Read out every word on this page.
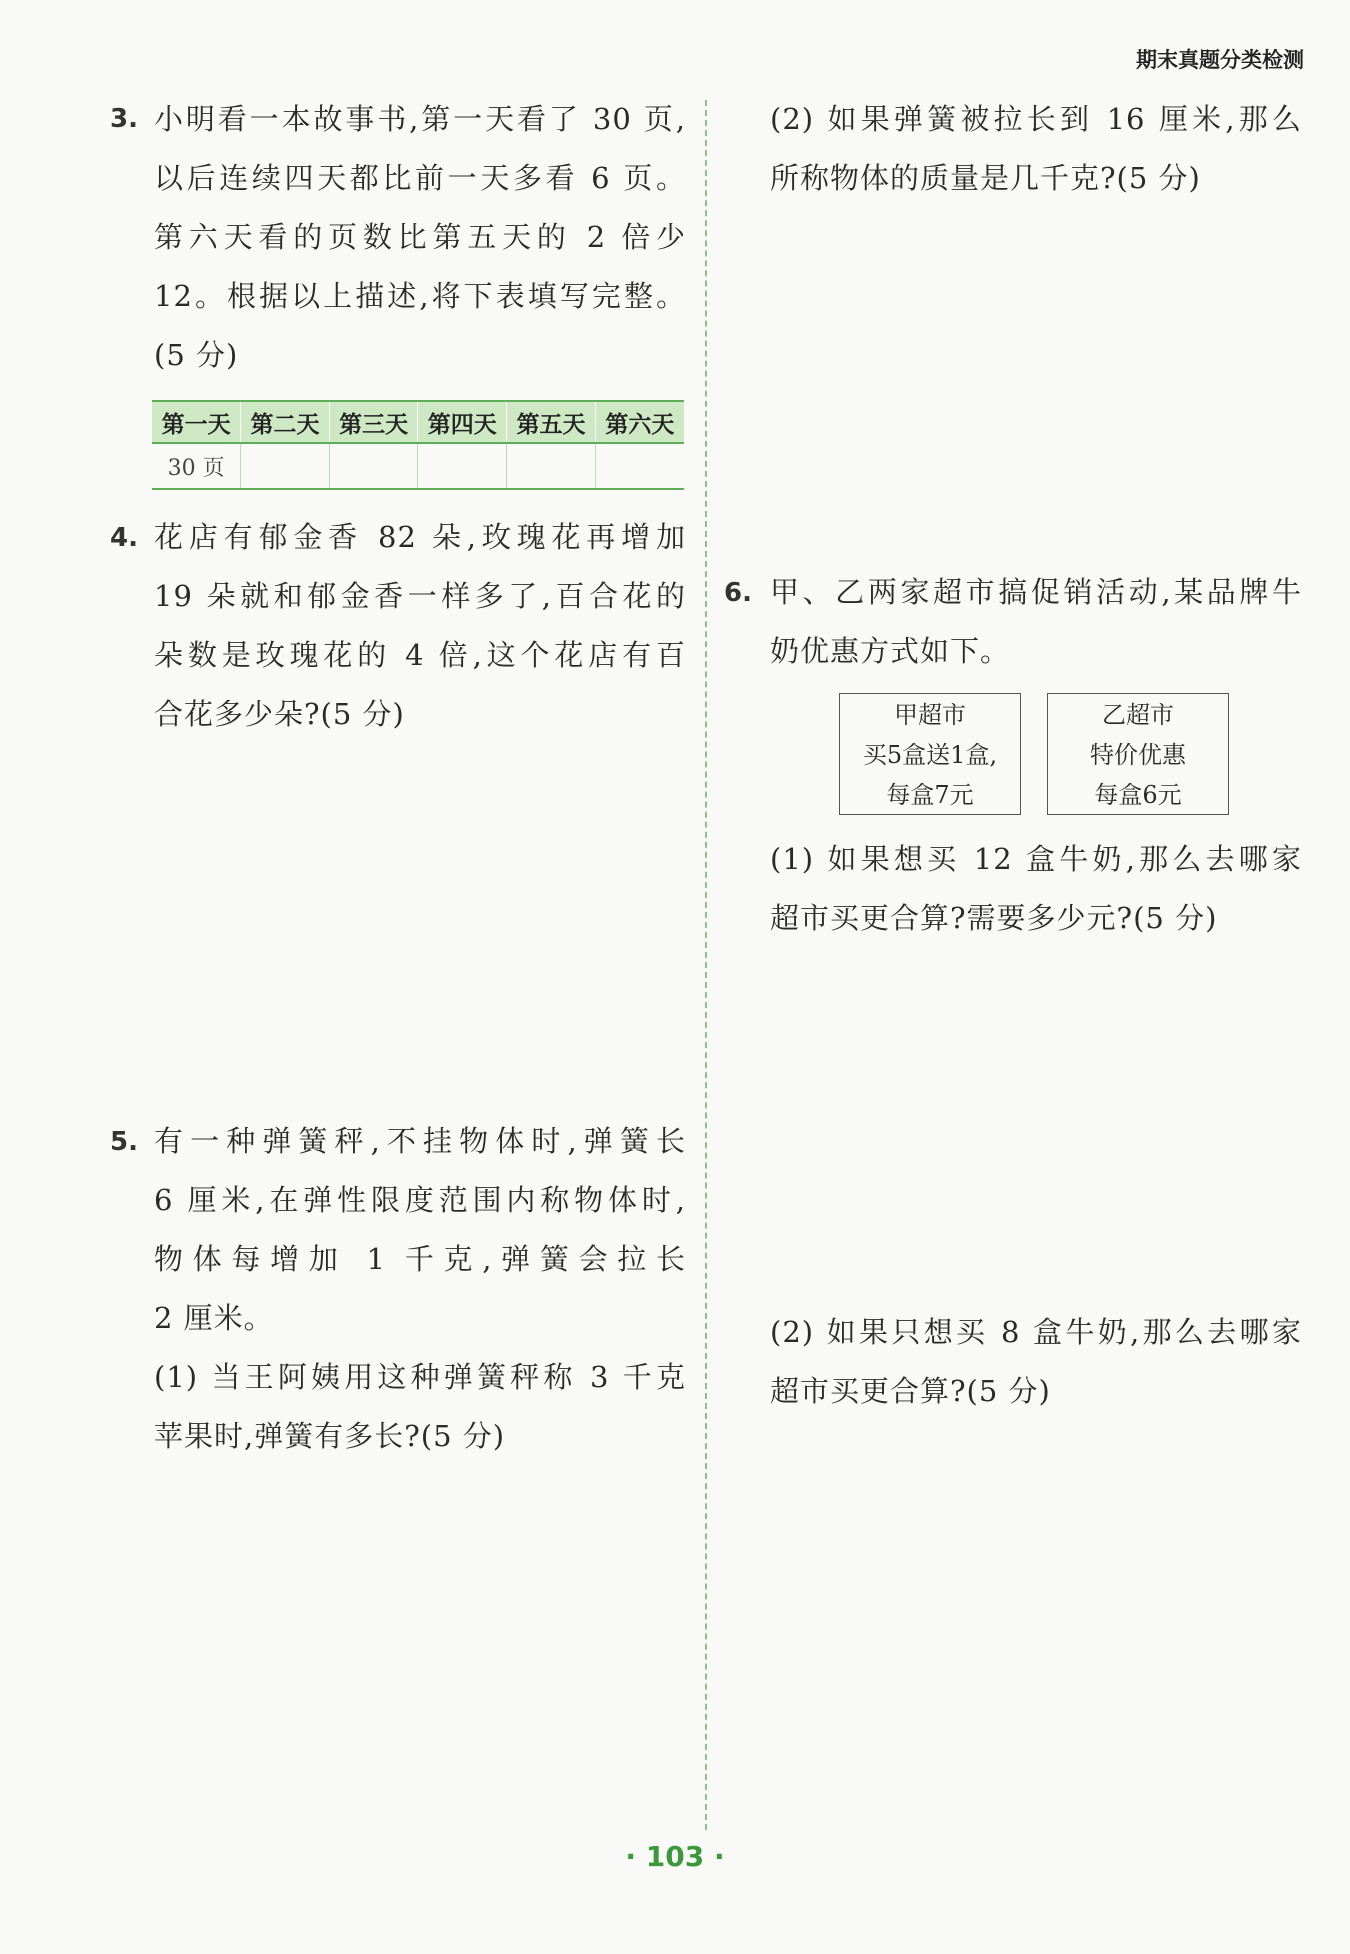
期末真题分类检测
3. 小明看一本故事书,第一天看了 30 页,
以后连续四天都比前一天多看 6 页。
第六天看的页数比第五天的 2 倍少
12。根据以上描述,将下表填写完整。
(5 分)
第一天	第二天	第三天	第四天	第五天	第六天
30 页					
4. 花店有郁金香 82 朵,玫瑰花再增加
19 朵就和郁金香一样多了,百合花的
朵数是玫瑰花的 4 倍,这个花店有百
合花多少朵?(5 分)
5. 有一种弹簧秤,不挂物体时,弹簧长
6 厘米,在弹性限度范围内称物体时,
物体每增加 1 千克,弹簧会拉长
2 厘米。
(1) 当王阿姨用这种弹簧秤称 3 千克
苹果时,弹簧有多长?(5 分)
(2) 如果弹簧被拉长到 16 厘米,那么
所称物体的质量是几千克?(5 分)
6. 甲、乙两家超市搞促销活动,某品牌牛
奶优惠方式如下。
甲超市
买5盒送1盒,
每盒7元
乙超市
特价优惠
每盒6元
(1) 如果想买 12 盒牛奶,那么去哪家
超市买更合算?需要多少元?(5 分)
(2) 如果只想买 8 盒牛奶,那么去哪家
超市买更合算?(5 分)
· 103 ·
